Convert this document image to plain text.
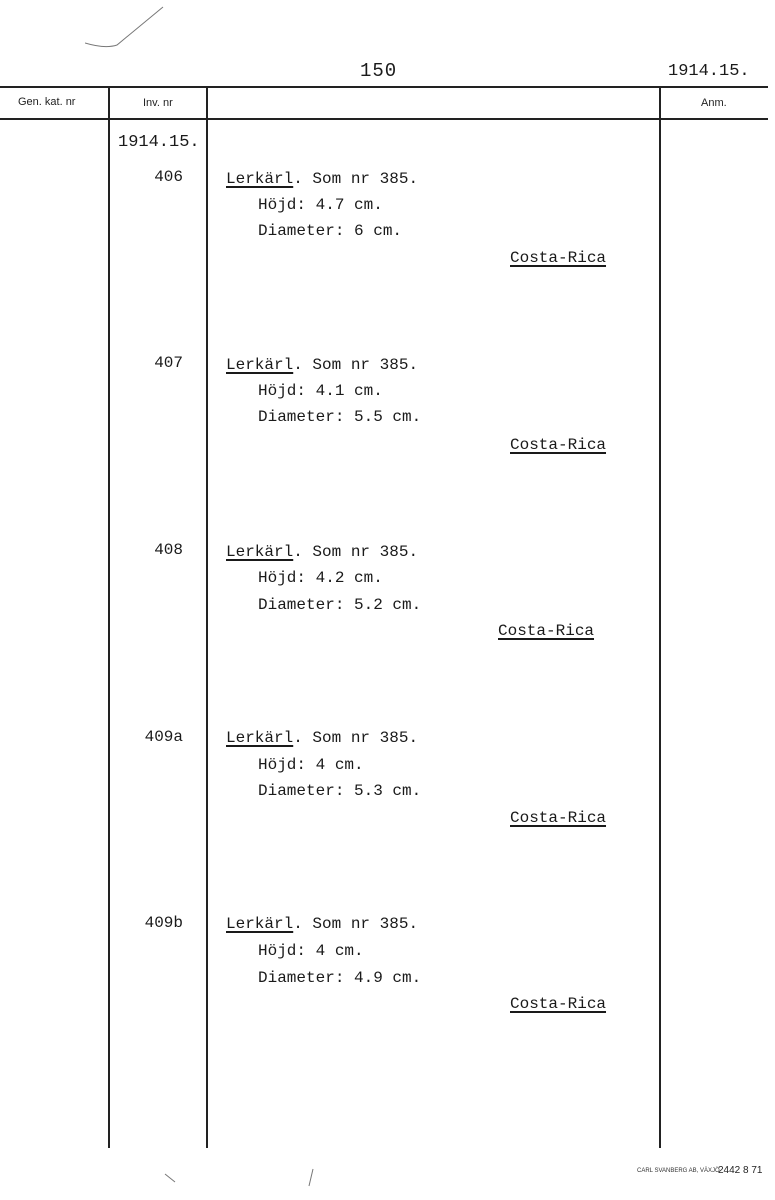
150	1914.15.
Gen. kat. nr	Inv. nr	Anm.
1914.15.
406	Lerkärl. Som nr 385.
Höjd: 4.7 cm.
Diameter: 6 cm.
Costa-Rica
407	Lerkärl. Som nr 385.
Höjd: 4.1 cm.
Diameter: 5.5 cm.
Costa-Rica
408	Lerkärl. Som nr 385.
Höjd: 4.2 cm.
Diameter: 5.2 cm.
Costa-Rica
409a	Lerkärl. Som nr 385.
Höjd: 4 cm.
Diameter: 5.3 cm.
Costa-Rica
409b	Lerkärl. Som nr 385.
Höjd: 4 cm.
Diameter: 4.9 cm.
Costa-Rica
CARL SVANBERG AB, VÄXJÖ
2442 8 71
